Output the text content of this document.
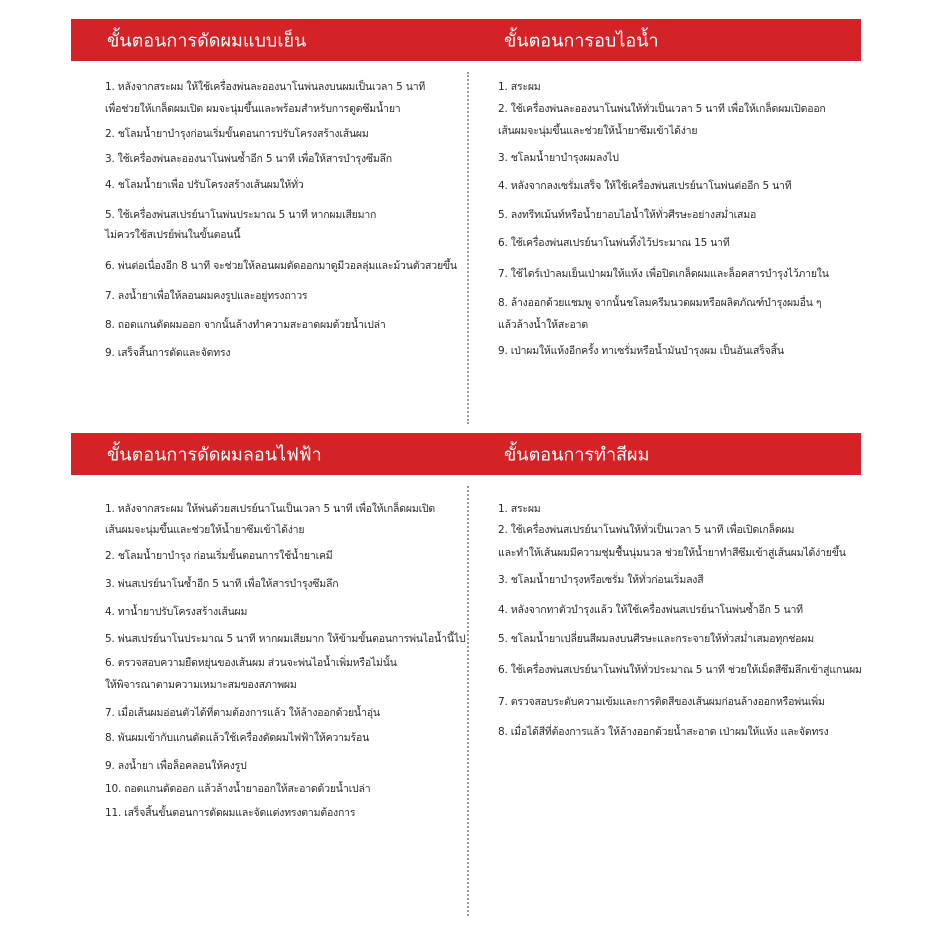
ขั้นตอนการดัดผมแบบเย็น
1. หลังจากสระผม ให้ใช้เครื่องพ่นละอองนาโนพ่นลงบนผมเป็นเวลา 5 นาที
เพื่อช่วยให้เกล็ดผมเปิด ผมจะนุ่มขึ้นและพร้อมสำหรับการดูดซึมน้ำยา
2. ชโลมน้ำยาบำรุงก่อนเริ่มขั้นตอนการปรับโครงสร้างเส้นผม
3. ใช้เครื่องพ่นละอองนาโนพ่นซ้ำอีก 5 นาที เพื่อให้สารบำรุงซึมลึก
4. ชโลมน้ำยาเพื่อ ปรับโครงสร้างเส้นผมให้ทั่ว
5. ใช้เครื่องพ่นสเปรย์นาโนพ่นประมาณ 5 นาที หากผมเสียมาก
ไม่ควรใช้สเปรย์พ่นในขั้นตอนนี้
6. พ่นต่อเนื่องอีก 8 นาที จะช่วยให้ลอนผมดัดออกมาดูมีวอลลุ่มและม้วนตัวสวยขึ้น
7. ลงน้ำยาเพื่อให้ลอนผมคงรูปและอยู่ทรงถาวร
8. ถอดแกนดัดผมออก จากนั้นล้างทำความสะอาดผมด้วยน้ำเปล่า
9. เสร็จสิ้นการดัดและจัดทรง
ขั้นตอนการอบไอน้ำ
1. สระผม
2. ใช้เครื่องพ่นละอองนาโนพ่นให้ทั่วเป็นเวลา 5 นาที เพื่อให้เกล็ดผมเปิดออก
เส้นผมจะนุ่มขึ้นและช่วยให้น้ำยาซึมเข้าได้ง่าย
3. ชโลมน้ำยาบำรุงผมลงไป
4. หลังจากลงเซรั่มเสร็จ ให้ใช้เครื่องพ่นสเปรย์นาโนพ่นต่ออีก 5 นาที
5. ลงทรีทเม้นท์หรือน้ำยาอบไอน้ำให้ทั่วศีรษะอย่างสม่ำเสมอ
6. ใช้เครื่องพ่นสเปรย์นาโนพ่นทิ้งไว้ประมาณ 15 นาที
7. ใช้ไดร์เป่าลมเย็นเป่าผมให้แห้ง เพื่อปิดเกล็ดผมและล็อคสารบำรุงไว้ภายใน
8. ล้างออกด้วยแชมพู จากนั้นชโลมครีมนวดผมหรือผลิตภัณฑ์บำรุงผมอื่น ๆ
แล้วล้างน้ำให้สะอาด
9. เป่าผมให้แห้งอีกครั้ง ทาเซรั่มหรือน้ำมันบำรุงผม เป็นอันเสร็จสิ้น
ขั้นตอนการดัดผมลอนไฟฟ้า
1. หลังจากสระผม ให้พ่นด้วยสเปรย์นาโนเป็นเวลา 5 นาที เพื่อให้เกล็ดผมเปิด
เส้นผมจะนุ่มขึ้นและช่วยให้น้ำยาซึมเข้าได้ง่าย
2. ชโลมน้ำยาบำรุง ก่อนเริ่มขั้นตอนการใช้น้ำยาเคมี
3. พ่นสเปรย์นาโนซ้ำอีก 5 นาที เพื่อให้สารบำรุงซึมลึก
4. ทาน้ำยาปรับโครงสร้างเส้นผม
5. พ่นสเปรย์นาโนประมาณ 5 นาที หากผมเสียมาก ให้ข้ามขั้นตอนการพ่นไอน้ำนี้ไป
6. ตรวจสอบความยืดหยุ่นของเส้นผม ส่วนจะพ่นไอน้ำเพิ่มหรือไม่นั้น
ให้พิจารณาตามความเหมาะสมของสภาพผม
7. เมื่อเส้นผมอ่อนตัวได้ที่ตามต้องการแล้ว ให้ล้างออกด้วยน้ำอุ่น
8. พันผมเข้ากับแกนดัดแล้วใช้เครื่องดัดผมไฟฟ้าให้ความร้อน
9. ลงน้ำยา เพื่อล็อคลอนให้คงรูป
10. ถอดแกนดัดออก แล้วล้างน้ำยาออกให้สะอาดด้วยน้ำเปล่า
11. เสร็จสิ้นขั้นตอนการดัดผมและจัดแต่งทรงตามต้องการ
ขั้นตอนการทำสีผม
1. สระผม
2. ใช้เครื่องพ่นสเปรย์นาโนพ่นให้ทั่วเป็นเวลา 5 นาที เพื่อเปิดเกล็ดผม
และทำให้เส้นผมมีความชุ่มชื้นนุ่มนวล ช่วยให้น้ำยาทำสีซึมเข้าสู่เส้นผมได้ง่ายขึ้น
3. ชโลมน้ำยาบำรุงหรือเซรั่ม ให้ทั่วก่อนเริ่มลงสี
4. หลังจากทาตัวบำรุงแล้ว ให้ใช้เครื่องพ่นสเปรย์นาโนพ่นซ้ำอีก 5 นาที
5. ชโลมน้ำยาเปลี่ยนสีผมลงบนศีรษะและกระจายให้ทั่วสม่ำเสมอทุกช่อผม
6. ใช้เครื่องพ่นสเปรย์นาโนพ่นให้ทั่วประมาณ 5 นาที ช่วยให้เม็ดสีซึมลึกเข้าสู่แกนผม
7. ตรวจสอบระดับความเข้มและการติดสีของเส้นผมก่อนล้างออกหรือพ่นเพิ่ม
8. เมื่อได้สีที่ต้องการแล้ว ให้ล้างออกด้วยน้ำสะอาด เป่าผมให้แห้ง และจัดทรง
